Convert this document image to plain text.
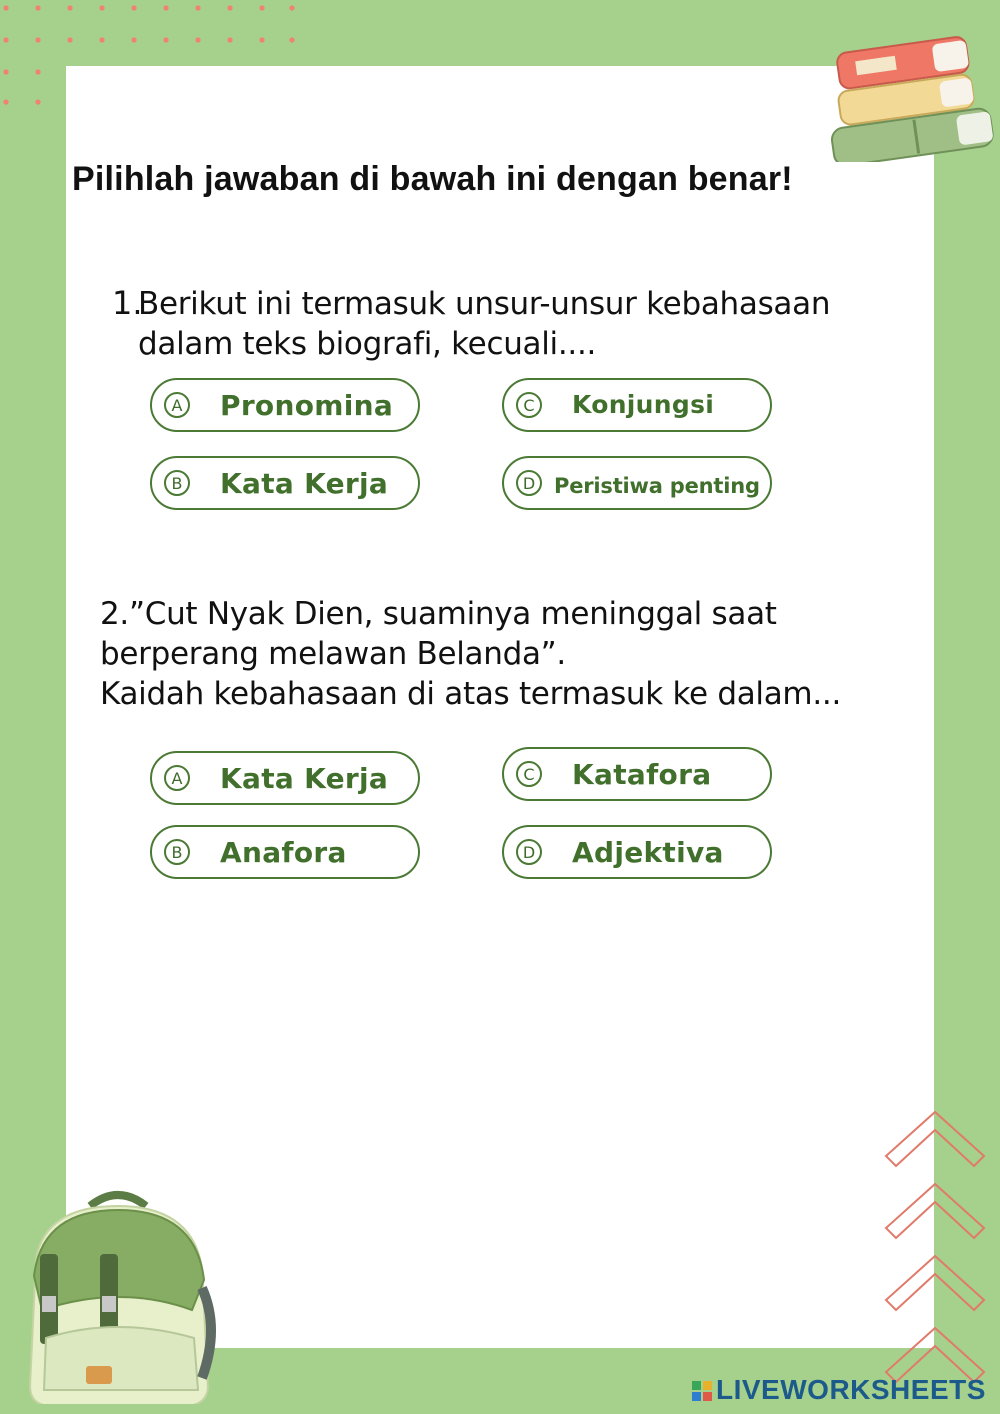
Pilihlah jawaban di bawah ini dengan benar!
1.
Berikut ini termasuk unsur-unsur kebahasaan dalam teks biografi, kecuali....
A Pronomina
B Kata Kerja
C Konjungsi
D Peristiwa penting
2.”Cut Nyak Dien, suaminya meninggal saat
berperang melawan Belanda”.
Kaidah kebahasaan di atas termasuk ke dalam...
A Kata Kerja
B Anafora
C Katafora
D Adjektiva
LIVEWORKSHEETS
